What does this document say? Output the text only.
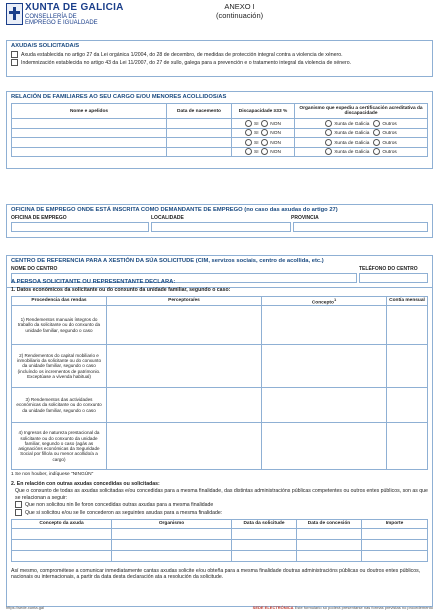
XUNTA DE GALICIA
CONSELLERÍA DE
EMPREGO E IGUALDADE
ANEXO I
(continuación)
AXUDA/S SOLICITADA/S
Axuda establecida no artigo 27 da Lei orgánica 1/2004, do 28 de decembro, de medidas de protección integral contra a violencia de xénero.
Indemnización establecida no artigo 43 da Lei 11/2007, do 27 de xullo, galega para a prevención e o tratamento integral da violencia de xénero.
RELACIÓN DE FAMILIARES AO SEU CARGO E/OU MENORES ACOLLIDOS/AS
Nome e apelidos	Data de nacemento	Discapacidade ≥33 %	Organismo que expediu a certificación acreditativa da discapacidade
		SI NON	Xunta de Galicia Outros
		SI NON	Xunta de Galicia Outros
		SI NON	Xunta de Galicia Outros
		SI NON	Xunta de Galicia Outros
OFICINA DE EMPREGO ONDE ESTÁ INSCRITA COMO DEMANDANTE DE EMPREGO (no caso das axudas do artigo 27)
OFICINA DE EMPREGO	LOCALIDADE	PROVINCIA
CENTRO DE REFERENCIA PARA A XESTIÓN DA SÚA SOLICITUDE (CIM, servizos sociais, centro de acollida, etc.)
NOME DO CENTRO	TELÉFONO DO CENTRO
A PERSOA SOLICITANTE OU REPRESENTANTE DECLARA:
1. Datos económicos da solicitante ou do conxunto da unidade familiar, segundo o caso:
Procedencia das rendas	Perceptora/es	Concepto$^1$	Contía mensual
1) Rendementos manuais íntegros do traballo da solicitante ou do conxunto da unidade familiar, segundo o caso			
2) Rendementos do capital mobiliario e inmobiliario da solicitante ou do conxunto da unidade familiar, segundo o caso (incluíndo os incrementos de patrimonio. Exceptúase a vivenda habitual)			
3) Rendementos das actividades económicas da solicitante ou do conxunto da unidade familiar, segundo o caso			
4) Ingresos de natureza prestacional da solicitante ou do conxunto da unidade familiar, segundo o caso (agás as asignacións económicas da Seguridade Social por fillo/a ou menor acollido/a a cargo)			
1 Se non houber, indíquese "NINGÚN"
2. En relación con outras axudas concedidas ou solicitadas:
Que o conxunto de todas as axudas solicitadas e/ou concedidas para a mesma finalidade, das distintas administracións públicas competentes ou outros entes públicos, son as que se relacionan a seguir:
Que non solicitou nin lle foron concedidas outras axudas para a mesma finalidade
Que si solicitou e/ou se lle concederon as seguintes axudas para a mesma finalidade:
Concepto da axuda	Organismo	Data da solicitude	Data de concesión	Importe

Así mesmo, comprométese a comunicar inmediatamente cantas axudas solicite e/ou obteña para a mesma finalidade doutras administracións públicas ou doutros entes públicos, nacionais ou internacionais, a partir da data desta declaración ata a resolución da solicitude.
https://sede.xunta.gal	SEDE ELECTRÓNICA Este formulario só poderá presentarse nas formas previstas no procedemento
